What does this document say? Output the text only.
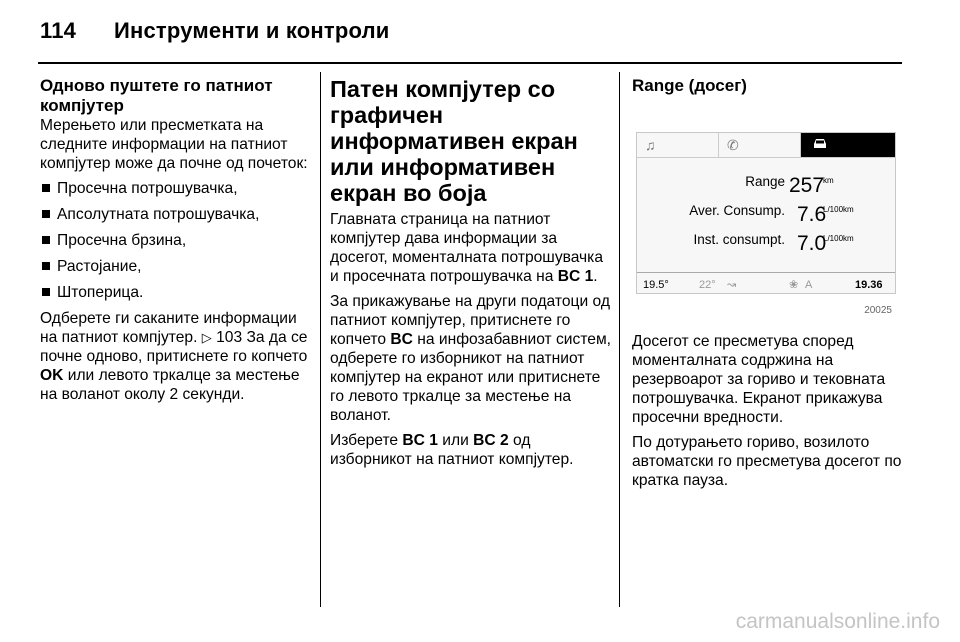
114 Инструменти и контроли
Одново пуштете го патниот компјутер

Мерењето или пресметката на следните информации на патниот компјутер може да почне од почеток:

Просечна потрошувачка,
Апсолутната потрошувачка,
Просечна брзина,
Растојание,
Штоперица.

Одберете ги саканите информации на патниот компјутер. ▷ 103 За да се почне одново, притиснете го копчето OK или левото тркалце за местење на воланот околу 2 секунди.

Патен компјутер со графичен информативен екран или информативен екран во боја

Главната страница на патниот компјутер дава информации за досегот, моменталната потрошувачка и просечната потрошувачка на BC 1.

За прикажување на други податоци од патниот компјутер, притиснете го копчето BC на инфозабавниот систем, одберете го изборникот на патниот компјутер на екранот или притиснете го левото тркалце за местење на воланот.

Изберете BC 1 или BC 2 од изборникот на патниот компјутер.

Range (досег)
♫	✆
Range 257
km
Aver. Consump. 7.6
L/100km
Inst. consumpt. 7.0
L/100km
19.5°	22° ↝	❀ A	19.36
20025

Досегот се пресметува според моменталната содржина на резервоарот за гориво и тековната потрошувачка. Екранот прикажува просечни вредности.

По дотурањето гориво, возилото автоматски го пресметува досегот по кратка пауза.

carmanualsonline.info
